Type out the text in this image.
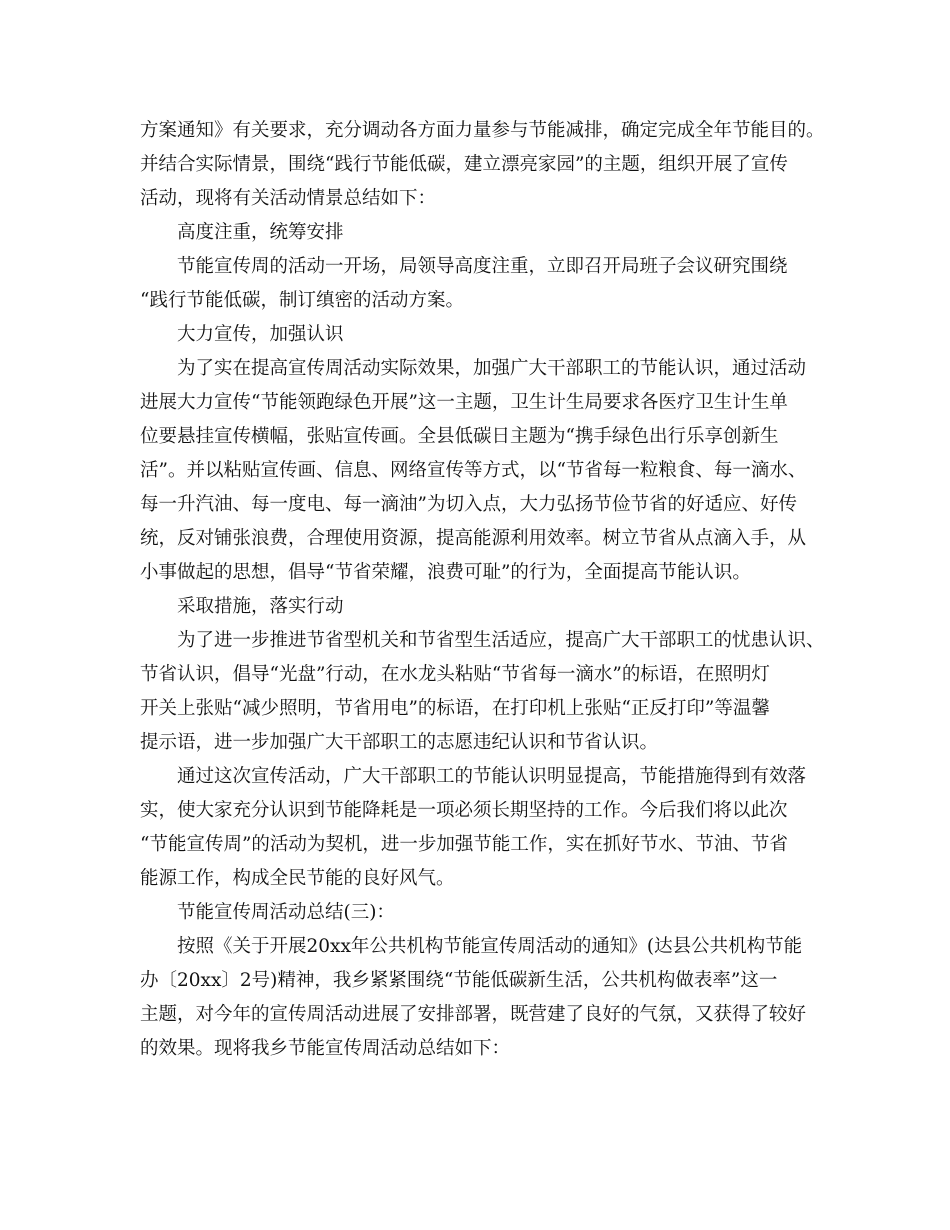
方案通知》有关要求，充分调动各方面力量参与节能减排，确定完成全年节能目的。
并结合实际情景，围绕“践行节能低碳，建立漂亮家园”的主题，组织开展了宣传
活动，现将有关活动情景总结如下：
高度注重，统筹安排
节能宣传周的活动一开场，局领导高度注重，立即召开局班子会议研究围绕
“践行节能低碳，制订缜密的活动方案。
大力宣传，加强认识
为了实在提高宣传周活动实际效果，加强广大干部职工的节能认识，通过活动
进展大力宣传“节能领跑绿色开展”这一主题，卫生计生局要求各医疗卫生计生单
位要悬挂宣传横幅，张贴宣传画。全县低碳日主题为“携手绿色出行乐享创新生
活”。并以粘贴宣传画、信息、网络宣传等方式，以“节省每一粒粮食、每一滴水、
每一升汽油、每一度电、每一滴油”为切入点，大力弘扬节俭节省的好适应、好传
统，反对铺张浪费，合理使用资源，提高能源利用效率。树立节省从点滴入手，从
小事做起的思想，倡导“节省荣耀，浪费可耻”的行为，全面提高节能认识。
采取措施，落实行动
为了进一步推进节省型机关和节省型生活适应，提高广大干部职工的忧患认识、
节省认识，倡导“光盘”行动，在水龙头粘贴“节省每一滴水”的标语，在照明灯
开关上张贴“减少照明，节省用电”的标语，在打印机上张贴“正反打印”等温馨
提示语，进一步加强广大干部职工的志愿违纪认识和节省认识。
通过这次宣传活动，广大干部职工的节能认识明显提高，节能措施得到有效落
实，使大家充分认识到节能降耗是一项必须长期坚持的工作。今后我们将以此次
“节能宣传周”的活动为契机，进一步加强节能工作，实在抓好节水、节油、节省
能源工作，构成全民节能的良好风气。
节能宣传周活动总结(三)：
按照《关于开展20xx年公共机构节能宣传周活动的通知》(达县公共机构节能
办〔20xx〕2号)精神，我乡紧紧围绕“节能低碳新生活，公共机构做表率”这一
主题，对今年的宣传周活动进展了安排部署，既营建了良好的气氛，又获得了较好
的效果。现将我乡节能宣传周活动总结如下：
